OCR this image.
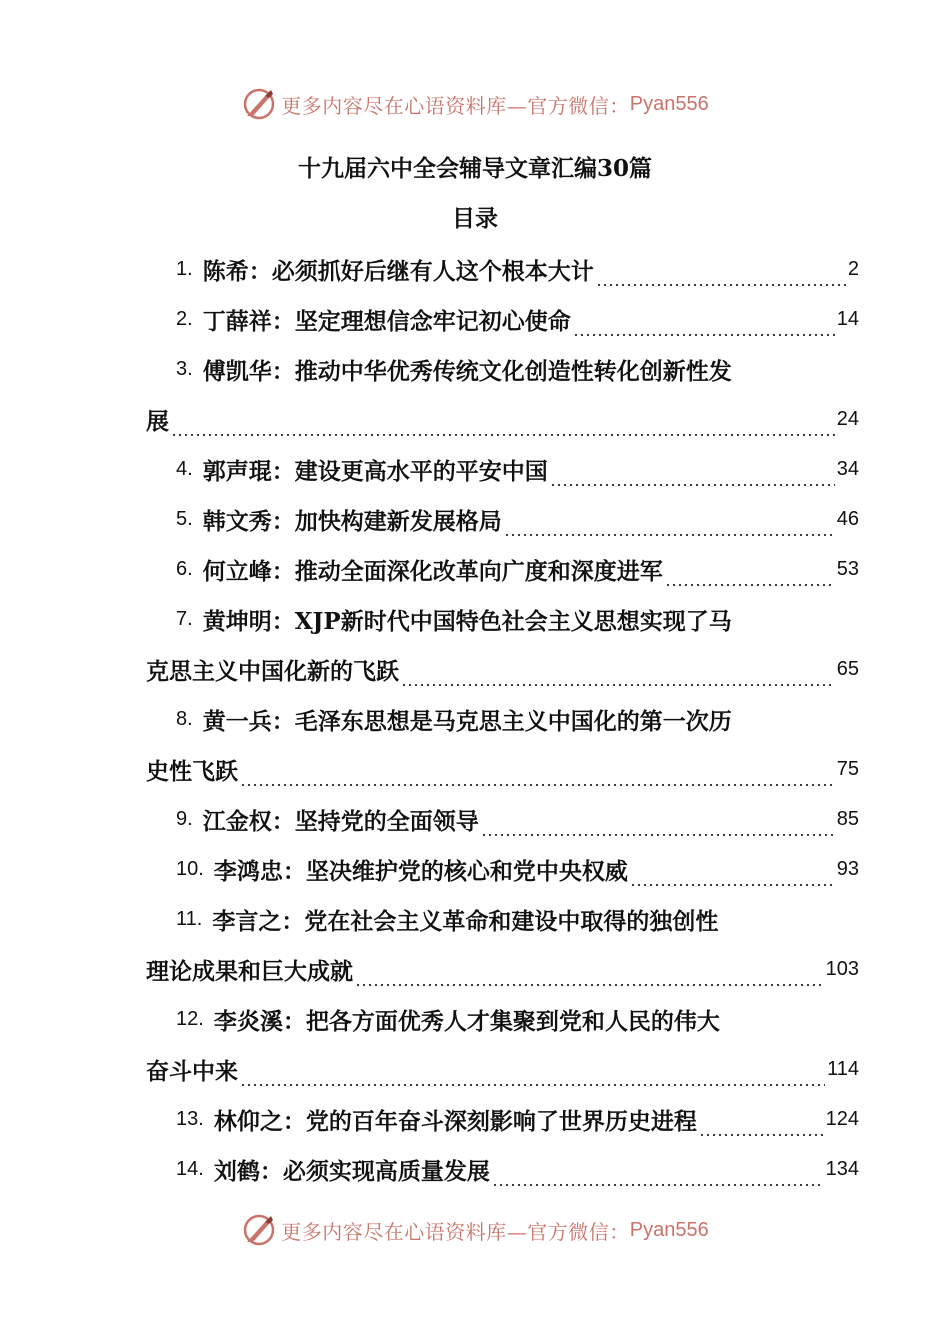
更多内容尽在心语资料库—官方微信： Pyan556
十九届六中全会辅导文章汇编30篇
目录
1. 陈希：必须抓好后继有人这个根本大计	2
2. 丁薛祥：坚定理想信念牢记初心使命	14
3. 傅凯华：推动中华优秀传统文化创造性转化创新性发
展	24
4. 郭声琨：建设更高水平的平安中国	34
5. 韩文秀：加快构建新发展格局	46
6. 何立峰：推动全面深化改革向广度和深度进军	53
7. 黄坤明：XJP新时代中国特色社会主义思想实现了马
克思主义中国化新的飞跃	65
8. 黄一兵：毛泽东思想是马克思主义中国化的第一次历
史性飞跃	75
9. 江金权：坚持党的全面领导	85
10. 李鸿忠：坚决维护党的核心和党中央权威	93
11. 李言之：党在社会主义革命和建设中取得的独创性
理论成果和巨大成就	103
12. 李炎溪：把各方面优秀人才集聚到党和人民的伟大
奋斗中来	114
13. 林仰之：党的百年奋斗深刻影响了世界历史进程	124
14. 刘鹤：必须实现高质量发展	134
更多内容尽在心语资料库—官方微信： Pyan556
